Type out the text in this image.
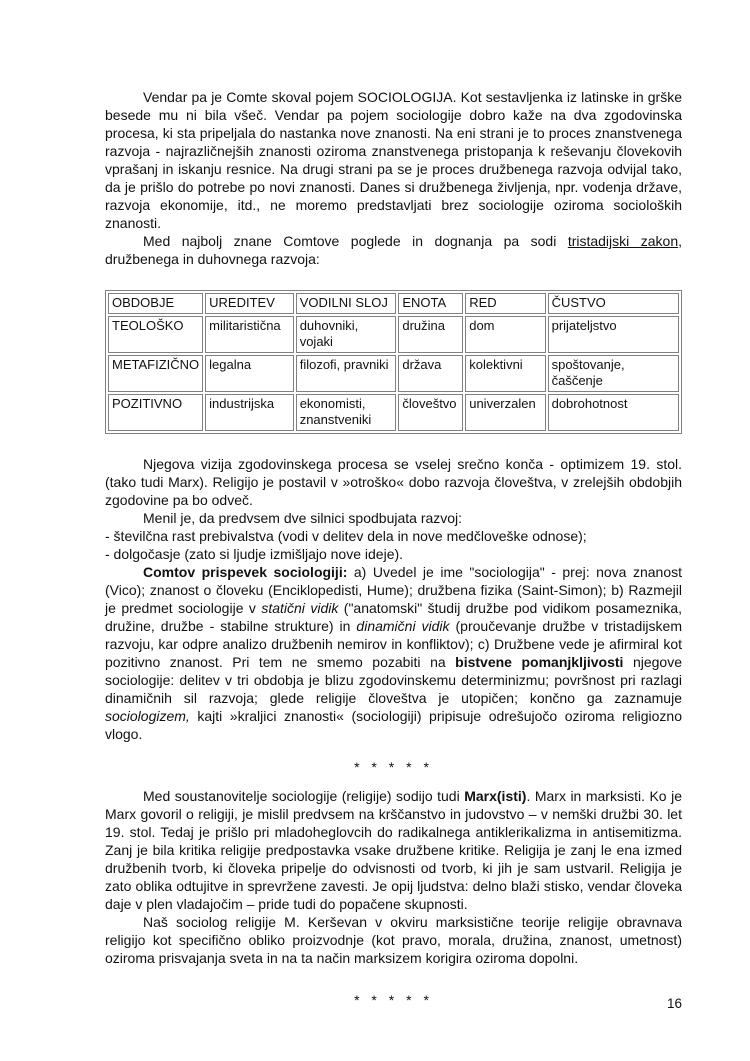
Vendar pa je Comte skoval pojem SOCIOLOGIJA. Kot sestavljenka iz latinske in grške besede mu ni bila všeč. Vendar pa pojem sociologije dobro kaže na dva zgodovinska procesa, ki sta pripeljala do nastanka nove znanosti. Na eni strani je to proces znanstvenega razvoja - najrazličnejših znanosti oziroma znanstvenega pristopanja k reševanju človekovih vprašanj in iskanju resnice. Na drugi strani pa se je proces družbenega razvoja odvijal tako, da je prišlo do potrebe po novi znanosti. Danes si družbenega življenja, npr. vodenja države, razvoja ekonomije, itd., ne moremo predstavljati brez sociologije oziroma socioloških znanosti.

Med najbolj znane Comtove poglede in dognanja pa sodi tristadijski zakon, družbenega in duhovnega razvoja:

OBDOBJE	UREDITEV	VODILNI SLOJ	ENOTA	RED	ČUSTVO
TEOLOŠKO	militaristična	duhovniki, vojaki	družina	dom	prijateljstvo
METAFIZIČNO	legalna	filozofi, pravniki	država	kolektivni	spoštovanje, čaščenje
POZITIVNO	industrijska	ekonomisti, znanstveniki	človeštvo	univerzalen	dobrohotnost

Njegova vizija zgodovinskega procesa se vselej srečno konča - optimizem 19. stol. (tako tudi Marx). Religijo je postavil v »otroško« dobo razvoja človeštva, v zrelejših obdobjih zgodovine pa bo odveč.

Menil je, da predvsem dve silnici spodbujata razvoj:

- številčna rast prebivalstva (vodi v delitev dela in nove medčloveške odnose);

- dolgočasje (zato si ljudje izmišljajo nove ideje).

Comtov prispevek sociologiji: a) Uvedel je ime "sociologija" - prej: nova znanost (Vico); znanost o človeku (Enciklopedisti, Hume); družbena fizika (Saint-Simon); b) Razmejil je predmet sociologije v statični vidik ("anatomski" študij družbe pod vidikom posameznika, družine, družbe - stabilne strukture) in dinamični vidik (proučevanje družbe v tristadijskem razvoju, kar odpre analizo družbenih nemirov in konfliktov); c) Družbene vede je afirmiral kot pozitivno znanost. Pri tem ne smemo pozabiti na bistvene pomanjkljivosti njegove sociologije: delitev v tri obdobja je blizu zgodovinskemu determinizmu; površnost pri razlagi dinamičnih sil razvoja; glede religije človeštva je utopičen; končno ga zaznamuje sociologizem, kajti »kraljici znanosti« (sociologiji) pripisuje odrešujočo oziroma religiozno vlogo.

* * * * *

Med soustanovitelje sociologije (religije) sodijo tudi Marx(isti). Marx in marksisti. Ko je Marx govoril o religiji, je mislil predvsem na krščanstvo in judovstvo – v nemški družbi 30. let 19. stol. Tedaj je prišlo pri mladoheglovcih do radikalnega antiklerikalizma in antisemitizma. Zanj je bila kritika religije predpostavka vsake družbene kritike. Religija je zanj le ena izmed družbenih tvorb, ki človeka pripelje do odvisnosti od tvorb, ki jih je sam ustvaril. Religija je zato oblika odtujitve in sprevržene zavesti. Je opij ljudstva: delno blaži stisko, vendar človeka daje v plen vladajočim – pride tudi do popačene skupnosti.

Naš sociolog religije M. Kerševan v okviru marksistične teorije religije obravnava religijo kot specifično obliko proizvodnje (kot pravo, morala, družina, znanost, umetnost) oziroma prisvajanja sveta in na ta način marksizem korigira oziroma dopolni.

* * * * *	16
